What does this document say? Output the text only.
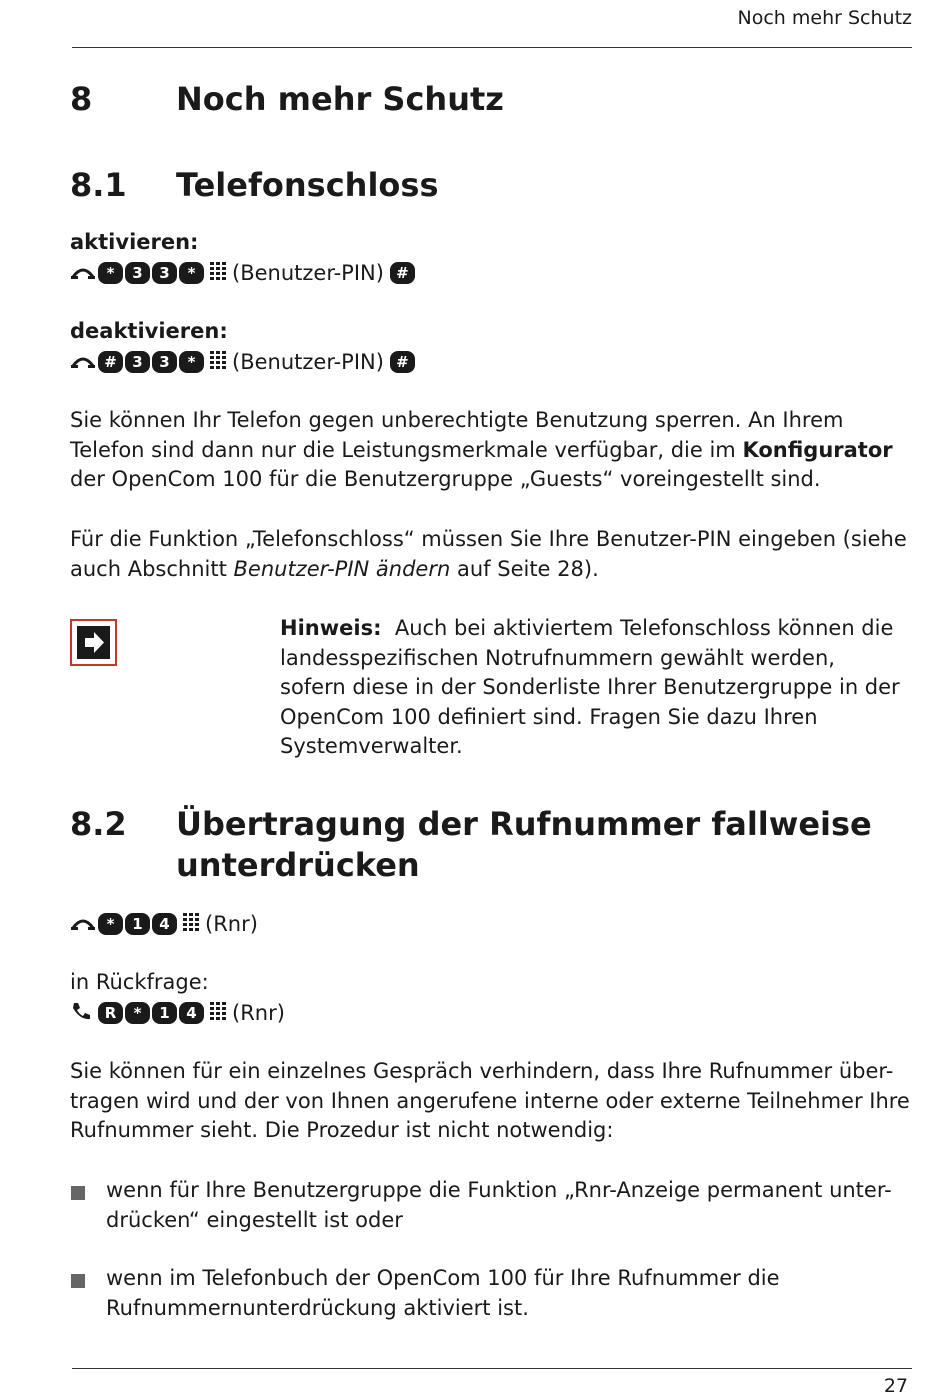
Noch mehr Schutz
8	Noch mehr Schutz
8.1 Telefonschloss
aktivieren:
*	3	3	*	(Benutzer-PIN) #
deaktivieren:
#	3	3	*	(Benutzer-PIN) #
Sie können Ihr Telefon gegen unberechtigte Benutzung sperren. An Ihrem Telefon sind dann nur die Leistungsmerkmale verfügbar, die im Konfigurator der OpenCom 100 für die Benutzergruppe „Guests“ voreingestellt sind.
Für die Funktion „Telefonschloss“ müssen Sie Ihre Benutzer-PIN eingeben (siehe auch Abschnitt Benutzer-PIN ändern auf Seite 28).
Hinweis: Auch bei aktiviertem Telefonschloss können die landesspezifischen Notrufnummern gewählt werden, sofern diese in der Sonderliste Ihrer Benutzergruppe in der OpenCom 100 definiert sind. Fragen Sie dazu Ihren Systemverwalter.
8.2 Übertragung der Rufnummer fallweise
unterdrücken
*	1	4	(Rnr)
in Rückfrage:
R	*	1	4	(Rnr)
Sie können für ein einzelnes Gespräch verhindern, dass Ihre Rufnummer über-
tragen wird und der von Ihnen angerufene interne oder externe Teilnehmer Ihre
Rufnummer sieht. Die Prozedur ist nicht notwendig:
wenn für Ihre Benutzergruppe die Funktion „Rnr-Anzeige permanent unter-
drücken“ eingestellt ist oder
wenn im Telefonbuch der OpenCom 100 für Ihre Rufnummer die
Rufnummernunterdrückung aktiviert ist.
27
